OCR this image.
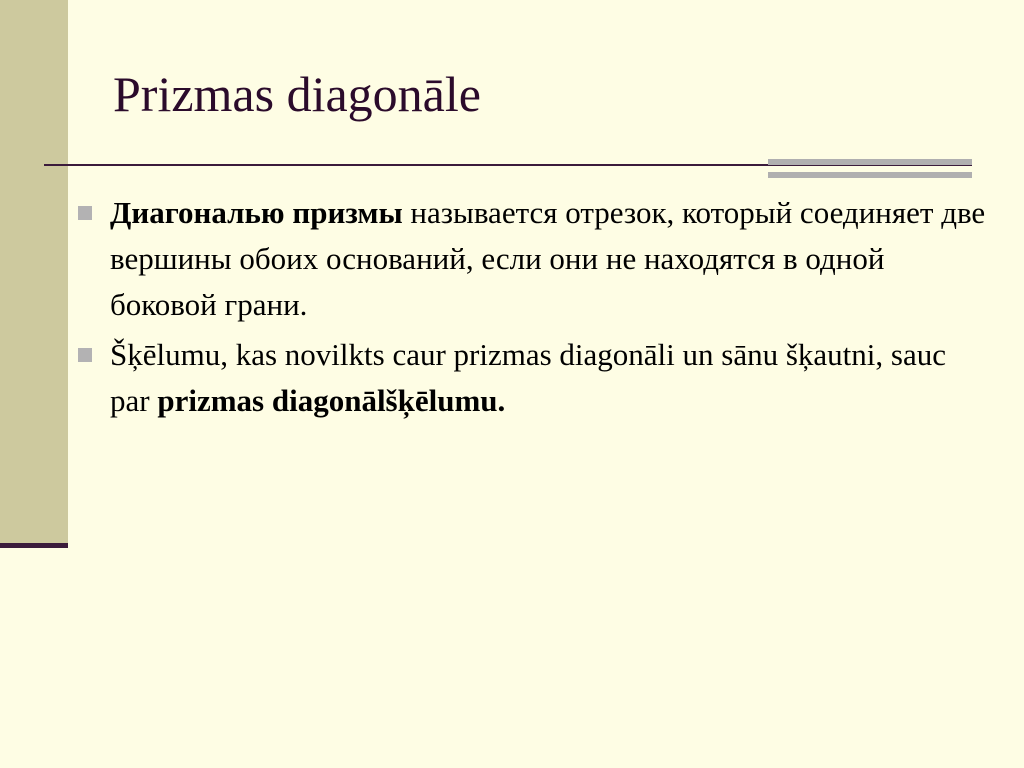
Prizmas diagonāle
Диагональю призмы называется отрезок, который соединяет две вершины обоих оснований, если они не находятся в одной боковой грани.
Šķēlumu, kas novilkts caur prizmas diagonāli un sānu šķautni, sauc par prizmas diagonālšķēlumu.
